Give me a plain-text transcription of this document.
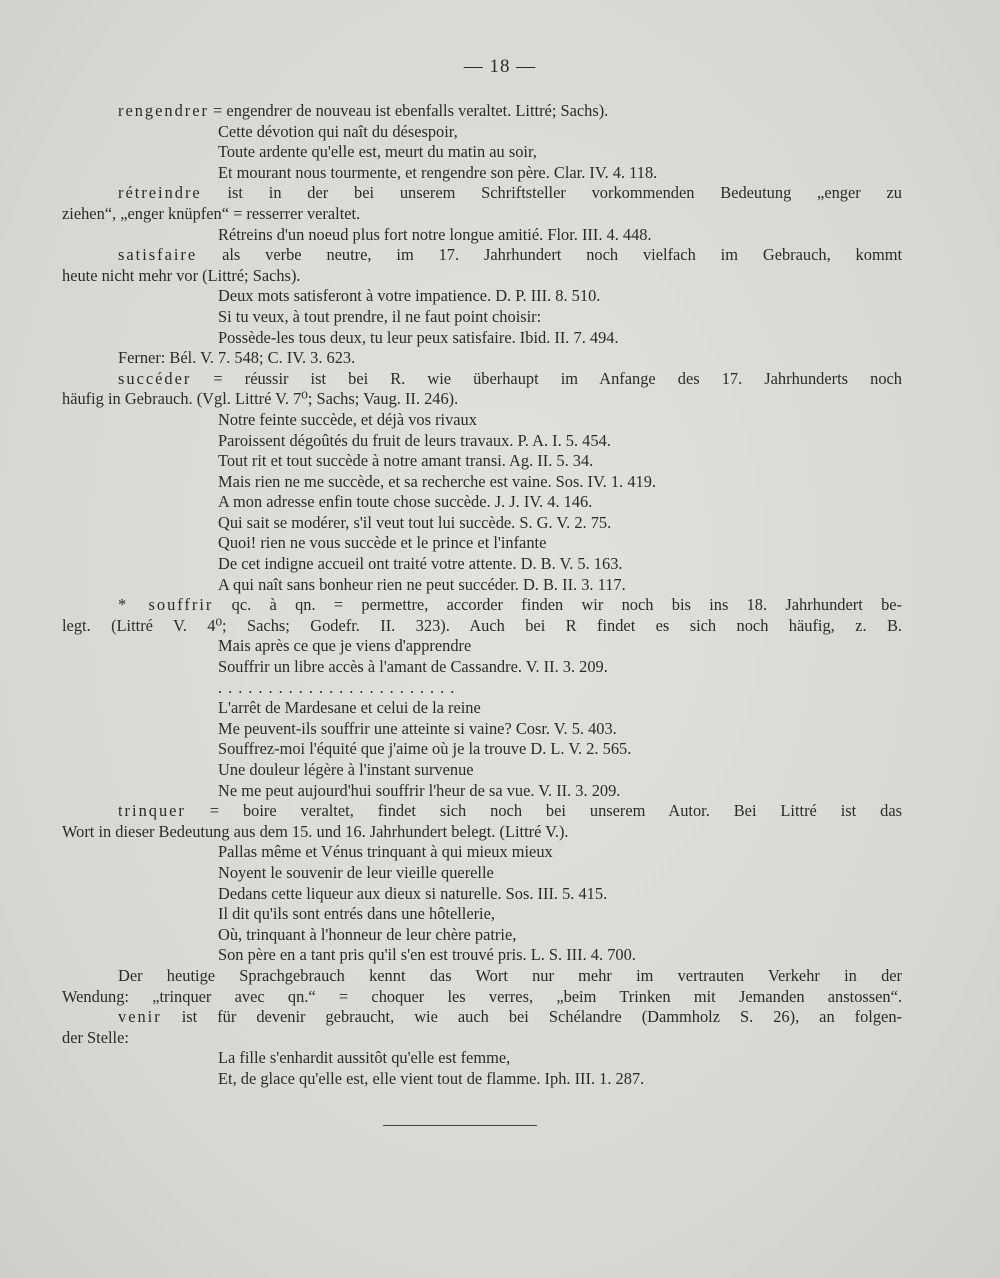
— 18 —
rengendrer = engendrer de nouveau ist ebenfalls veraltet. Littré; Sachs).
Cette dévotion qui naît du désespoir,
Toute ardente qu'elle est, meurt du matin au soir,
Et mourant nous tourmente, et rengendre son père. Clar. IV. 4. 118.
rétreindre ist in der bei unserem Schriftsteller vorkommenden Bedeutung „enger zu
ziehen“, „enger knüpfen“ = resserrer veraltet.
Rétreins d'un noeud plus fort notre longue amitié. Flor. III. 4. 448.
satisfaire als verbe neutre, im 17. Jahrhundert noch vielfach im Gebrauch, kommt
heute nicht mehr vor (Littré; Sachs).
Deux mots satisferont à votre impatience. D. P. III. 8. 510.
Si tu veux, à tout prendre, il ne faut point choisir:
Possède-les tous deux, tu leur peux satisfaire. Ibid. II. 7. 494.
Ferner: Bél. V. 7. 548; C. IV. 3. 623.
succéder = réussir ist bei R. wie überhaupt im Anfange des 17. Jahrhunderts noch
häufig in Gebrauch. (Vgl. Littré V. 7⁰; Sachs; Vaug. II. 246).
Notre feinte succède, et déjà vos rivaux
Paroissent dégoûtés du fruit de leurs travaux. P. A. I. 5. 454.
Tout rit et tout succède à notre amant transi. Ag. II. 5. 34.
Mais rien ne me succède, et sa recherche est vaine. Sos. IV. 1. 419.
A mon adresse enfin toute chose succède. J. J. IV. 4. 146.
Qui sait se modérer, s'il veut tout lui succède. S. G. V. 2. 75.
Quoi! rien ne vous succède et le prince et l'infante
De cet indigne accueil ont traité votre attente. D. B. V. 5. 163.
A qui naît sans bonheur rien ne peut succéder. D. B. II. 3. 117.
* souffrir qc. à qn. = permettre, accorder finden wir noch bis ins 18. Jahrhundert be-
legt. (Littré V. 4⁰; Sachs; Godefr. II. 323). Auch bei R findet es sich noch häufig, z. B.
Mais après ce que je viens d'apprendre
Souffrir un libre accès à l'amant de Cassandre. V. II. 3. 209.
........................
L'arrêt de Mardesane et celui de la reine
Me peuvent-ils souffrir une atteinte si vaine? Cosr. V. 5. 403.
Souffrez-moi l'équité que j'aime où je la trouve D. L. V. 2. 565.
Une douleur légère à l'instant survenue
Ne me peut aujourd'hui souffrir l'heur de sa vue. V. II. 3. 209.
trinquer = boire veraltet, findet sich noch bei unserem Autor. Bei Littré ist das
Wort in dieser Bedeutung aus dem 15. und 16. Jahrhundert belegt. (Littré V.).
Pallas même et Vénus trinquant à qui mieux mieux
Noyent le souvenir de leur vieille querelle
Dedans cette liqueur aux dieux si naturelle. Sos. III. 5. 415.
Il dit qu'ils sont entrés dans une hôtellerie,
Où, trinquant à l'honneur de leur chère patrie,
Son père en a tant pris qu'il s'en est trouvé pris. L. S. III. 4. 700.
Der heutige Sprachgebrauch kennt das Wort nur mehr im vertrauten Verkehr in der
Wendung: „trinquer avec qn.“ = choquer les verres, „beim Trinken mit Jemanden anstossen“.
venir ist für devenir gebraucht, wie auch bei Schélandre (Dammholz S. 26), an folgen-
der Stelle:
La fille s'enhardit aussitôt qu'elle est femme,
Et, de glace qu'elle est, elle vient tout de flamme. Iph. III. 1. 287.
